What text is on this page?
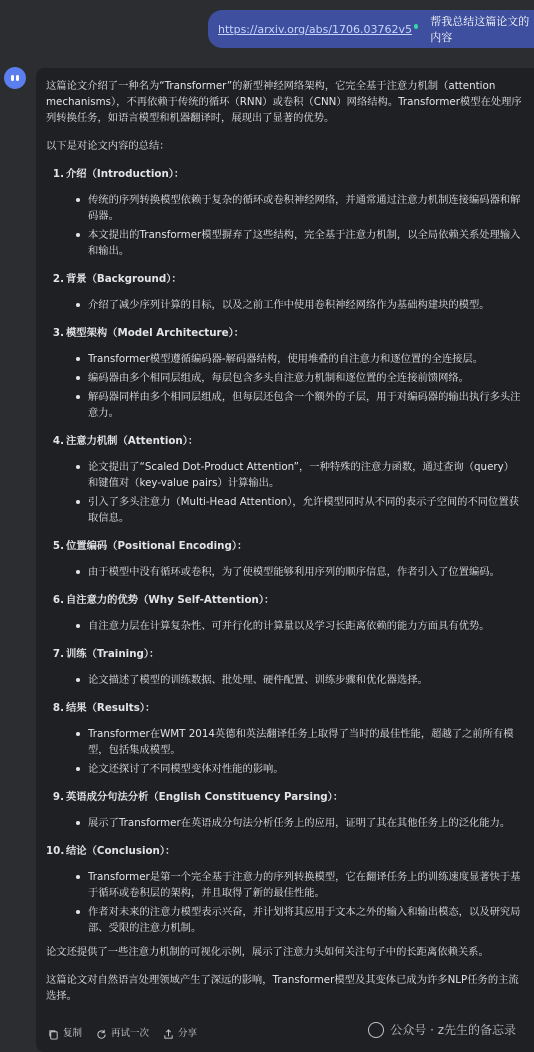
https://arxiv.org/abs/1706.03762v5
帮我总结这篇论文的内容

这篇论文介绍了一种名为“Transformer”的新型神经网络架构，它完全基于注意力机制（attention mechanisms），不再依赖于传统的循环（RNN）或卷积（CNN）网络结构。Transformer模型在处理序列转换任务，如语言模型和机器翻译时，展现出了显著的优势。

以下是对论文内容的总结：

1. 介绍（Introduction）：
传统的序列转换模型依赖于复杂的循环或卷积神经网络，并通常通过注意力机制连接编码器和解码器。
本文提出的Transformer模型摒弃了这些结构，完全基于注意力机制，以全局依赖关系处理输入和输出。
2. 背景（Background）：
介绍了减少序列计算的目标，以及之前工作中使用卷积神经网络作为基础构建块的模型。
3. 模型架构（Model Architecture）：
Transformer模型遵循编码器-解码器结构，使用堆叠的自注意力和逐位置的全连接层。
编码器由多个相同层组成，每层包含多头自注意力机制和逐位置的全连接前馈网络。
解码器同样由多个相同层组成，但每层还包含一个额外的子层，用于对编码器的输出执行多头注意力。
4. 注意力机制（Attention）：
论文提出了“Scaled Dot-Product Attention”，一种特殊的注意力函数，通过查询（query）和键值对（key-value pairs）计算输出。
引入了多头注意力（Multi-Head Attention），允许模型同时从不同的表示子空间的不同位置获取信息。
5. 位置编码（Positional Encoding）：
由于模型中没有循环或卷积，为了使模型能够利用序列的顺序信息，作者引入了位置编码。
6. 自注意力的优势（Why Self-Attention）：
自注意力层在计算复杂性、可并行化的计算量以及学习长距离依赖的能力方面具有优势。
7. 训练（Training）：
论文描述了模型的训练数据、批处理、硬件配置、训练步骤和优化器选择。
8. 结果（Results）：
Transformer在WMT 2014英德和英法翻译任务上取得了当时的最佳性能，超越了之前所有模型，包括集成模型。
论文还探讨了不同模型变体对性能的影响。
9. 英语成分句法分析（English Constituency Parsing）：
展示了Transformer在英语成分句法分析任务上的应用，证明了其在其他任务上的泛化能力。
10. 结论（Conclusion）：
Transformer是第一个完全基于注意力的序列转换模型，它在翻译任务上的训练速度显著快于基于循环或卷积层的架构，并且取得了新的最佳性能。
作者对未来的注意力模型表示兴奋，并计划将其应用于文本之外的输入和输出模态，以及研究局部、受限的注意力机制。

论文还提供了一些注意力机制的可视化示例，展示了注意力头如何关注句子中的长距离依赖关系。

这篇论文对自然语言处理领域产生了深远的影响，Transformer模型及其变体已成为许多NLP任务的主流选择。

复制	再试一次	分享	公众号 · z先生的备忘录
